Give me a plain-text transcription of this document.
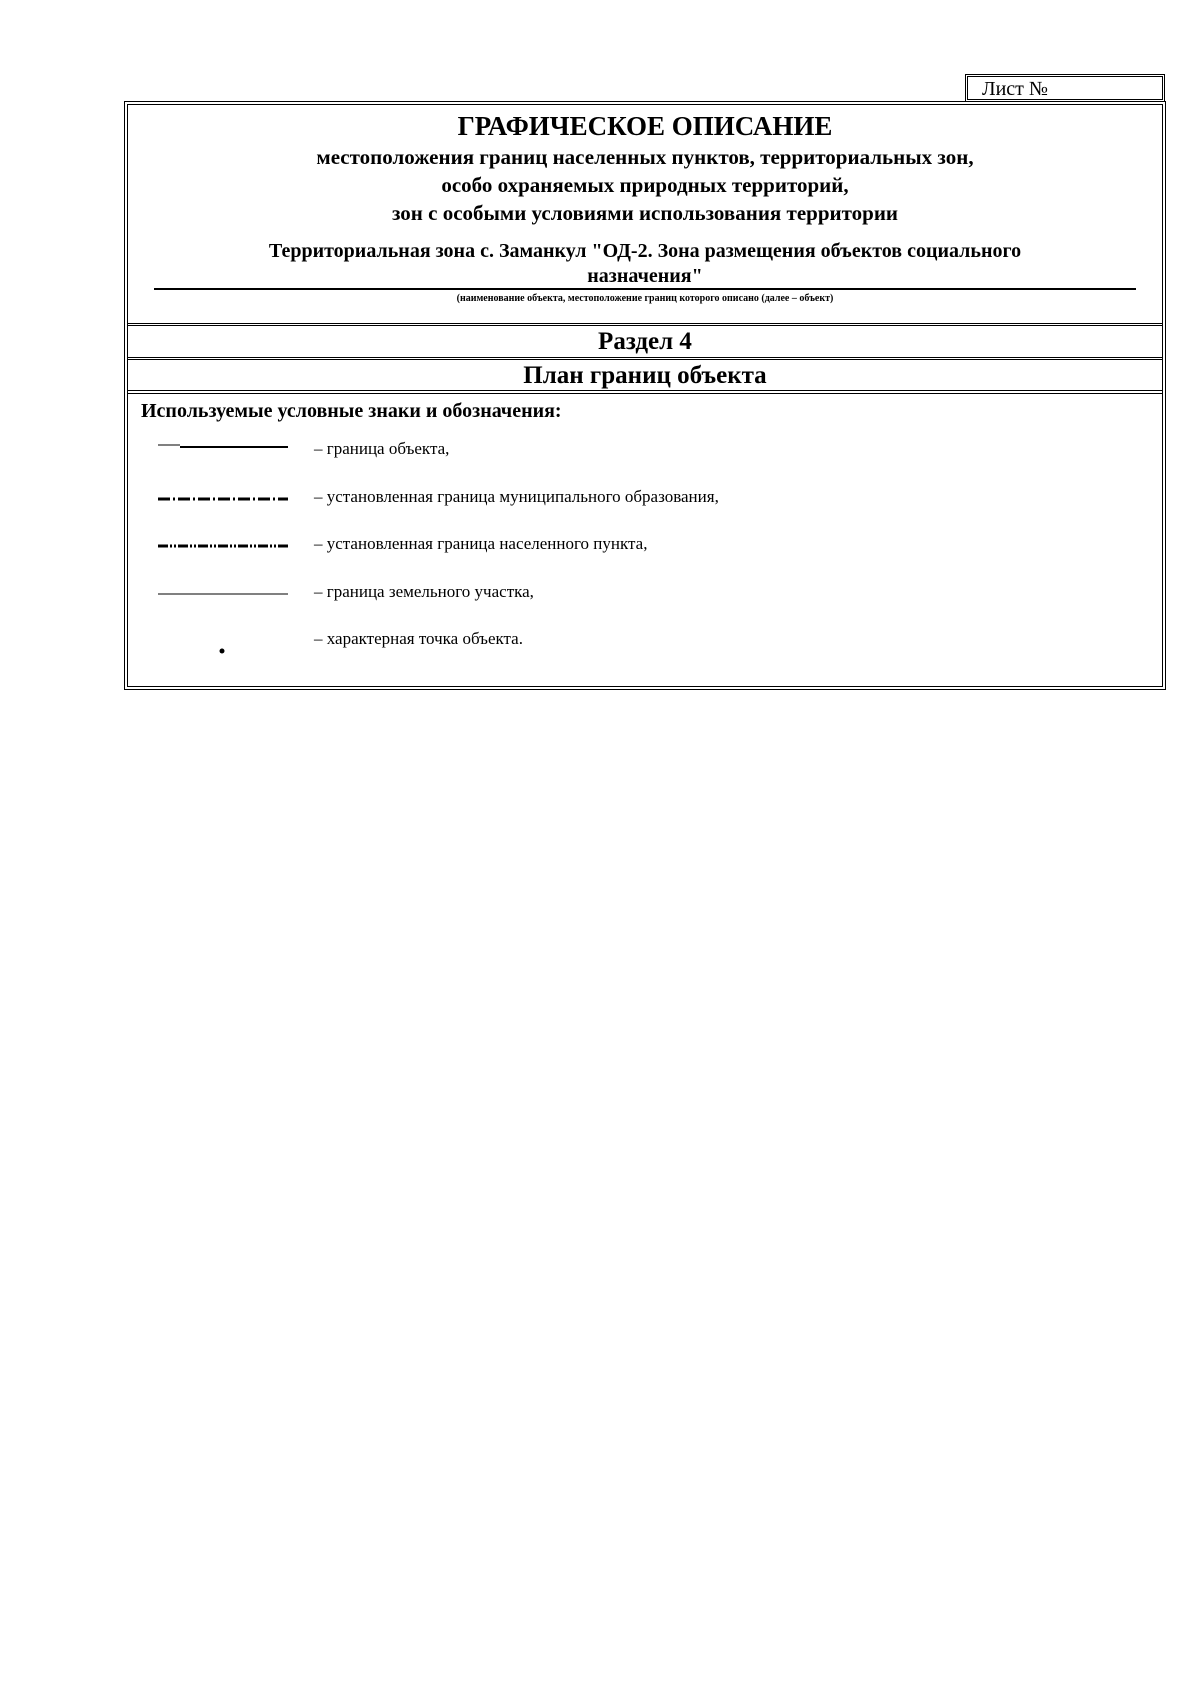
Лист №
ГРАФИЧЕСКОЕ ОПИСАНИЕ
местоположения границ населенных пунктов, территориальных зон,
особо охраняемых природных территорий,
зон с особыми условиями использования территории
Территориальная зона с. Заманкул "ОД-2. Зона размещения объектов социального
назначения"
(наименование объекта, местоположение границ которого описано (далее – объект)
Раздел 4
План границ объекта
Используемые условные знаки и обозначения:
– граница объекта,
– установленная граница муниципального образования,
– установленная граница населенного пункта,
– граница земельного участка,
– характерная точка объекта.
